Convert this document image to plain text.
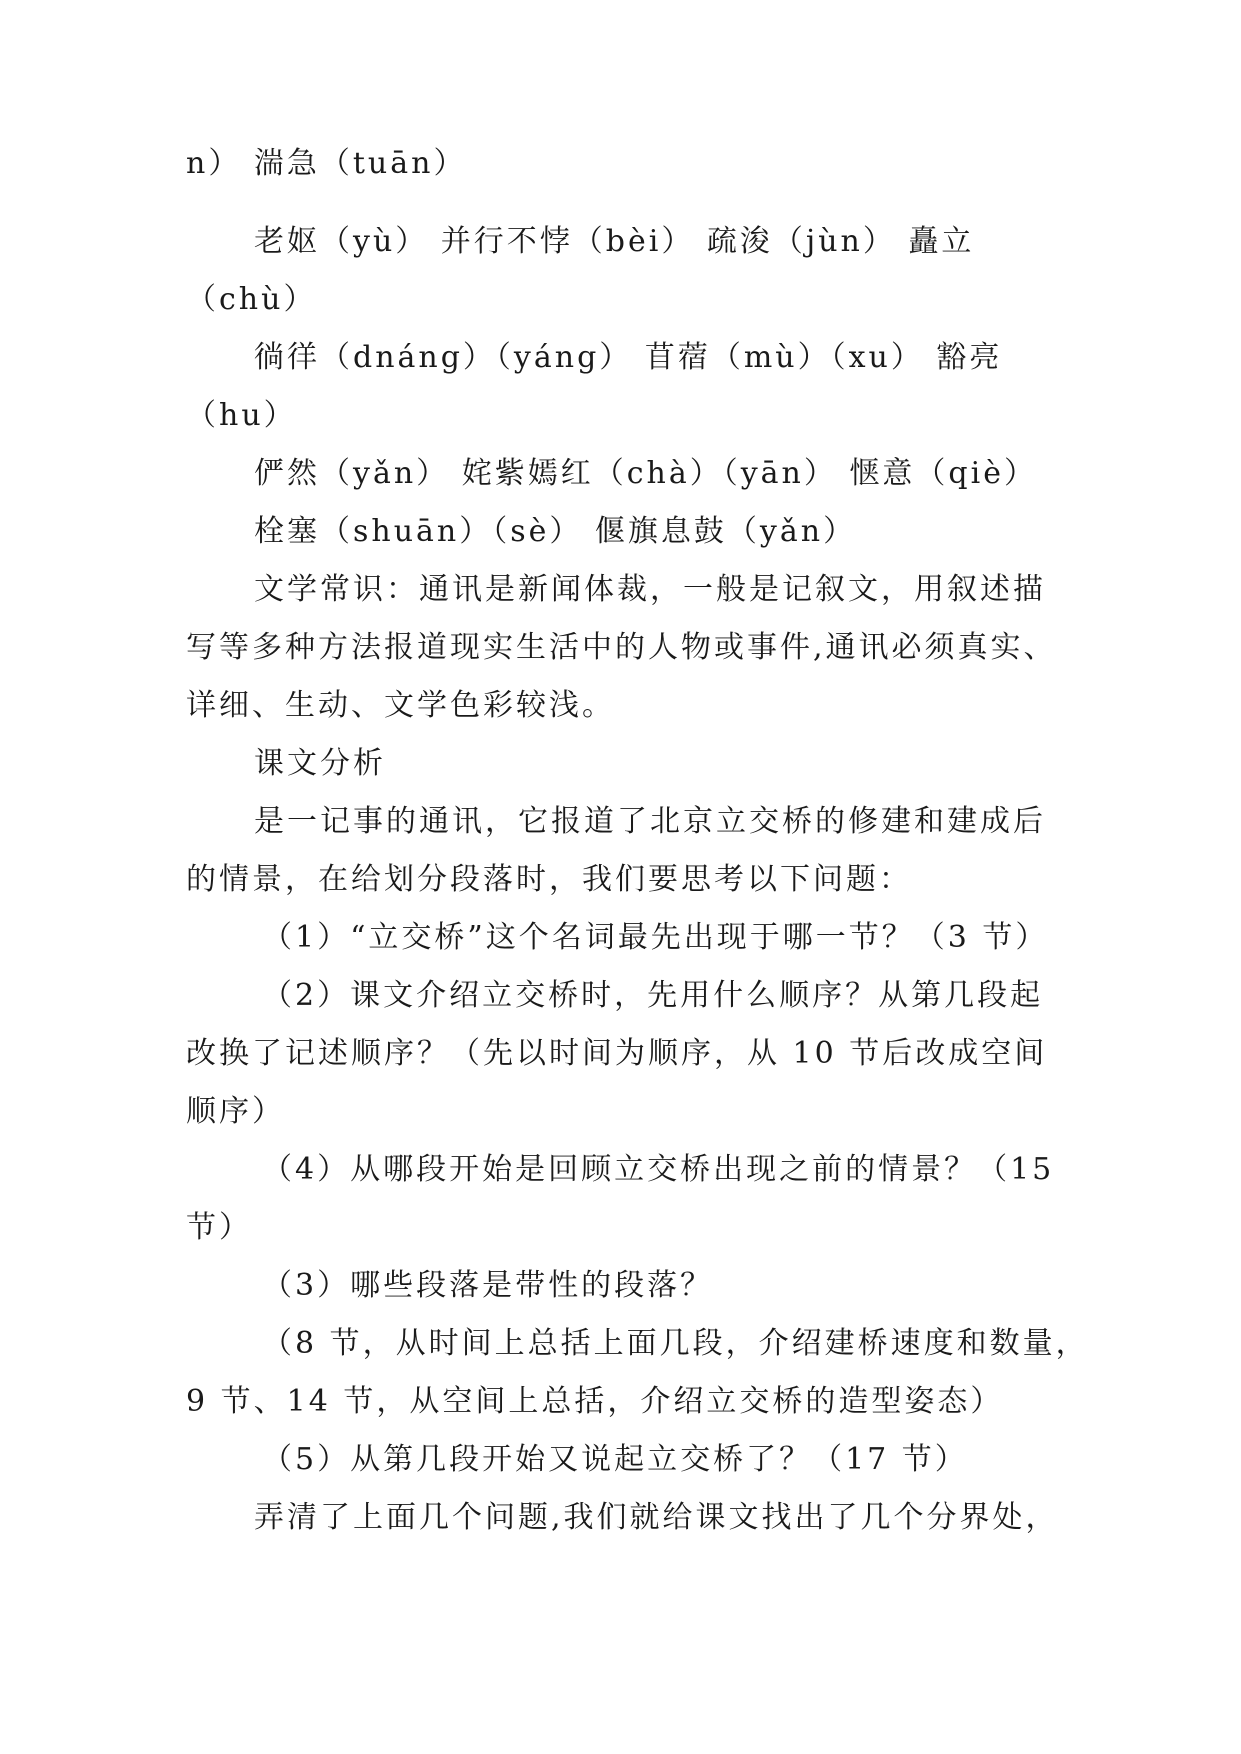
n） 湍急（tuān）

老妪（yù） 并行不悖（bèi） 疏浚（jùn） 矗立

（chù）

徜徉（dnáng）（yáng） 苜蓿（mù）（xu） 豁亮

（hu）

俨然（yǎn） 姹紫嫣红（chà）（yān） 惬意（qiè）

栓塞（shuān）（sè） 偃旗息鼓（yǎn）

文学常识：通讯是新闻体裁，一般是记叙文，用叙述描

写等多种方法报道现实生活中的人物或事件,通讯必须真实、

详细、生动、文学色彩较浅。

课文分析

是一记事的通讯，它报道了北京立交桥的修建和建成后

的情景，在给划分段落时，我们要思考以下问题：

（1）“立交桥”这个名词最先出现于哪一节？（3 节）

（2）课文介绍立交桥时，先用什么顺序？从第几段起

改换了记述顺序？（先以时间为顺序，从 10 节后改成空间

顺序）

（4）从哪段开始是回顾立交桥出现之前的情景？（15

节）

（3）哪些段落是带性的段落？

（8 节，从时间上总括上面几段，介绍建桥速度和数量，

9 节、14 节，从空间上总括，介绍立交桥的造型姿态）

（5）从第几段开始又说起立交桥了？（17 节）

弄清了上面几个问题,我们就给课文找出了几个分界处，
